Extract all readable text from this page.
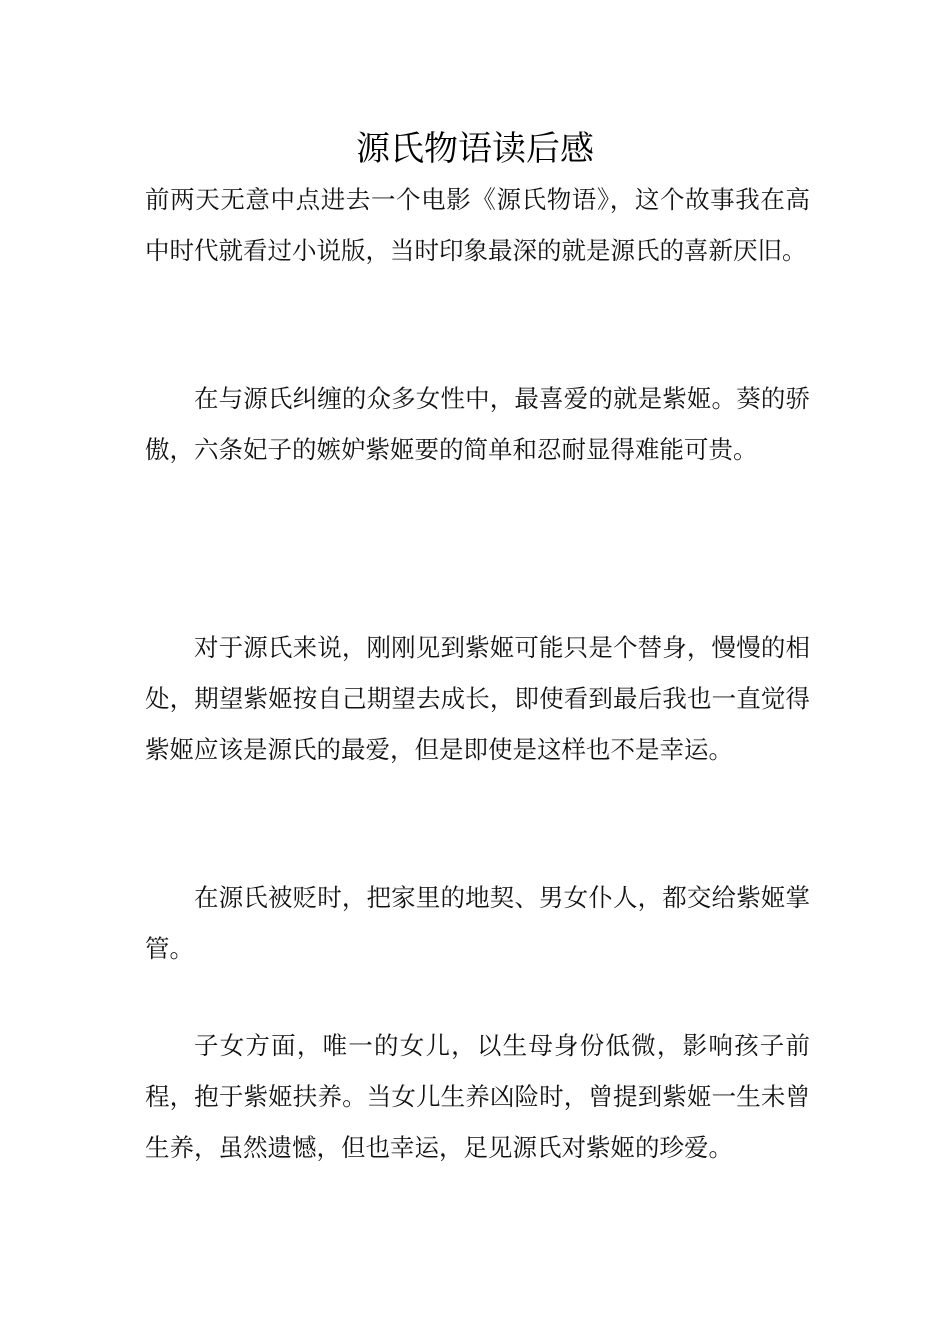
源氏物语读后感

前两天无意中点进去一个电影《源氏物语》，这个故事我在高中时代就看过小说版，当时印象最深的就是源氏的喜新厌旧。

在与源氏纠缠的众多女性中，最喜爱的就是紫姬。葵的骄傲，六条妃子的嫉妒紫姬要的简单和忍耐显得难能可贵。

对于源氏来说，刚刚见到紫姬可能只是个替身，慢慢的相处，期望紫姬按自己期望去成长，即使看到最后我也一直觉得紫姬应该是源氏的最爱，但是即使是这样也不是幸运。

在源氏被贬时，把家里的地契、男女仆人，都交给紫姬掌管。

子女方面，唯一的女儿，以生母身份低微，影响孩子前程，抱于紫姬扶养。当女儿生养凶险时，曾提到紫姬一生未曾生养，虽然遗憾，但也幸运，足见源氏对紫姬的珍爱。
